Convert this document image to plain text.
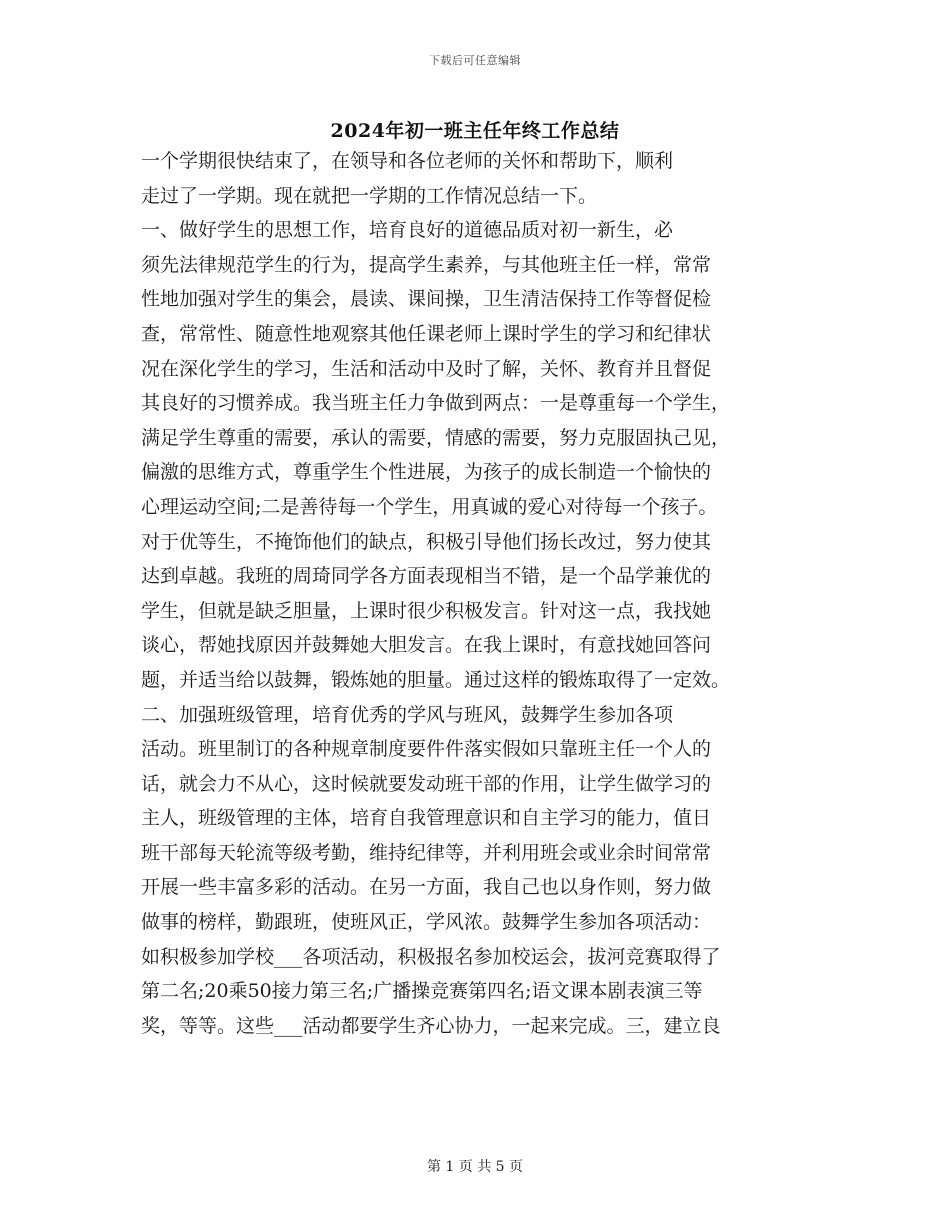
下载后可任意编辑
2024年初一班主任年终工作总结
一个学期很快结束了，在领导和各位老师的关怀和帮助下，顺利
走过了一学期。现在就把一学期的工作情况总结一下。
一、做好学生的思想工作，培育良好的道德品质对初一新生，必
须先法律规范学生的行为，提高学生素养，与其他班主任一样，常常
性地加强对学生的集会，晨读、课间操，卫生清洁保持工作等督促检
查，常常性、随意性地观察其他任课老师上课时学生的学习和纪律状
况在深化学生的学习，生活和活动中及时了解，关怀、教育并且督促
其良好的习惯养成。我当班主任力争做到两点：一是尊重每一个学生，
满足学生尊重的需要，承认的需要，情感的需要，努力克服固执己见，
偏激的思维方式，尊重学生个性进展，为孩子的成长制造一个愉快的
心理运动空间;二是善待每一个学生，用真诚的爱心对待每一个孩子。
对于优等生，不掩饰他们的缺点，积极引导他们扬长改过，努力使其
达到卓越。我班的周琦同学各方面表现相当不错，是一个品学兼优的
学生，但就是缺乏胆量，上课时很少积极发言。针对这一点，我找她
谈心，帮她找原因并鼓舞她大胆发言。在我上课时，有意找她回答问
题，并适当给以鼓舞，锻炼她的胆量。通过这样的锻炼取得了一定效。
二、加强班级管理，培育优秀的学风与班风，鼓舞学生参加各项
活动。班里制订的各种规章制度要件件落实假如只靠班主任一个人的
话，就会力不从心，这时候就要发动班干部的作用，让学生做学习的
主人，班级管理的主体，培育自我管理意识和自主学习的能力，值日
班干部每天轮流等级考勤，维持纪律等，并利用班会或业余时间常常
开展一些丰富多彩的活动。在另一方面，我自己也以身作则，努力做
做事的榜样，勤跟班，使班风正，学风浓。鼓舞学生参加各项活动：
如积极参加学校___各项活动，积极报名参加校运会，拔河竞赛取得了
第二名;20乘50接力第三名;广播操竞赛第四名;语文课本剧表演三等
奖，等等。这些___活动都要学生齐心协力，一起来完成。三，建立良
第 1 页 共 5 页
